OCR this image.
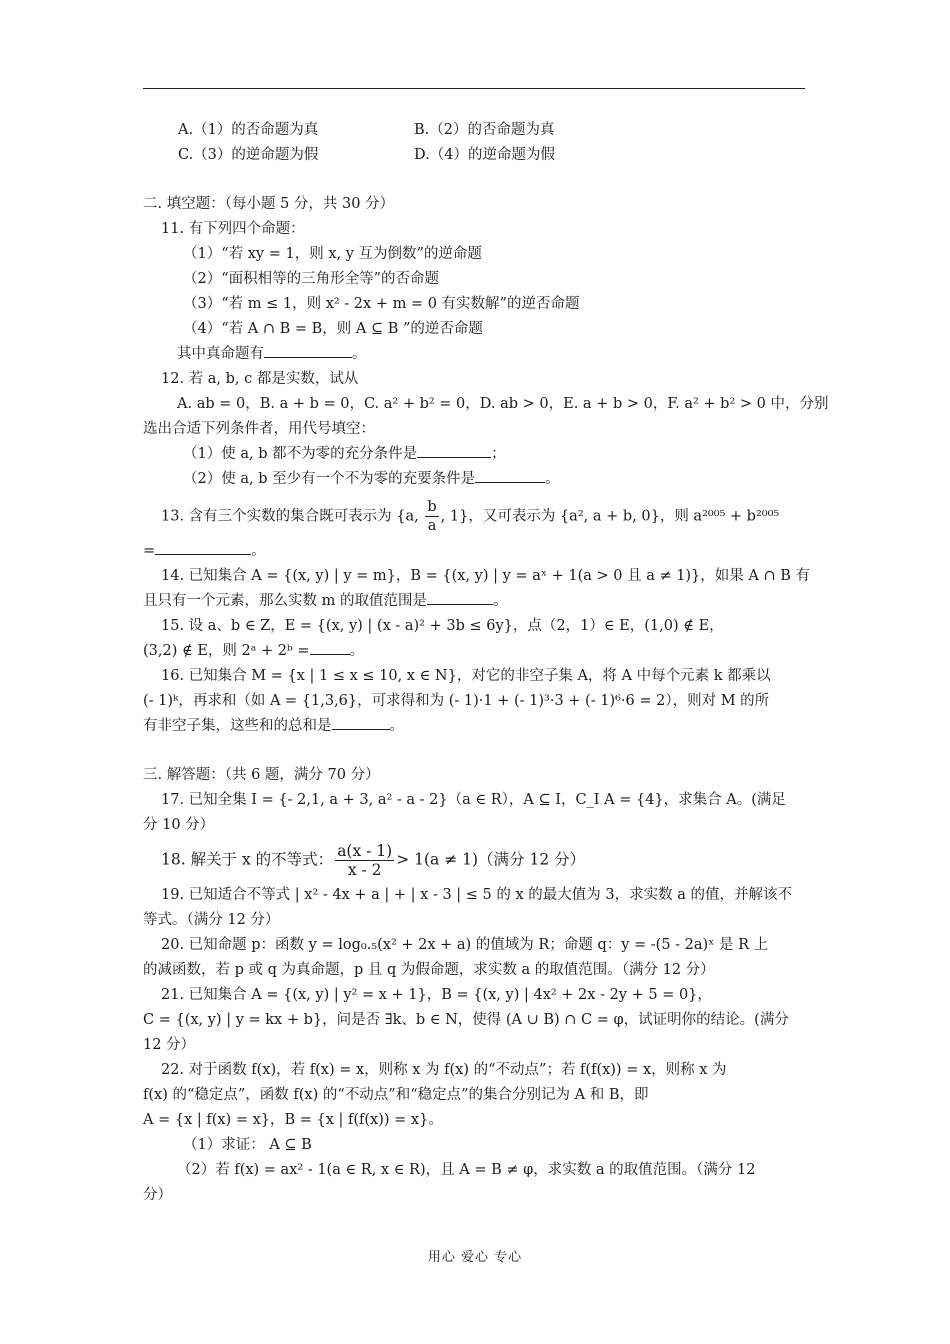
A.（1）的否命题为真	B.（2）的否命题为真
C.（3）的逆命题为假	D.（4）的逆命题为假
二. 填空题：（每小题 5 分，共 30 分）
11. 有下列四个命题：
（1）“若 xy = 1，则 x, y 互为倒数”的逆命题
（2）“面积相等的三角形全等”的否命题
（3）“若 m ≤ 1，则 x² - 2x + m = 0 有实数解”的逆否命题
（4）“若 A ∩ B = B，则 A ⊆ B ”的逆否命题
其中真命题有	。
12. 若 a, b, c 都是实数，试从
A. ab = 0，B. a + b = 0，C. a² + b² = 0，D. ab > 0，E. a + b > 0，F. a² + b² > 0 中，分别
选出合适下列条件者，用代号填空：
（1）使 a, b 都不为零的充分条件是	；
（2）使 a, b 至少有一个不为零的充要条件是	。
13. 含有三个实数的集合既可表示为 {a, $\frac{b}{a}$ , 1}，又可表示为 {a², a + b, 0}，则 a²⁰⁰⁵ + b²⁰⁰⁵
=	。
14. 已知集合 A = {(x, y) | y = m}，B = {(x, y) | y = aˣ + 1(a > 0 且 a ≠ 1)}，如果 A ∩ B 有
且只有一个元素，那么实数 m 的取值范围是	。
15. 设 a、b ∈ Z，E = {(x, y) | (x - a)² + 3b ≤ 6y}，点（2，1）∈ E，(1,0) ∉ E，
(3,2) ∉ E，则 2ᵃ + 2ᵇ =	。
16. 已知集合 M = {x | 1 ≤ x ≤ 10, x ∈ N}，对它的非空子集 A，将 A 中每个元素 k 都乘以
(- 1)ᵏ，再求和（如 A = {1,3,6}，可求得和为 (- 1)·1 + (- 1)³·3 + (- 1)⁶·6 = 2），则对 M 的所
有非空子集，这些和的总和是	。
三. 解答题：（共 6 题，满分 70 分）
17. 已知全集 I = {- 2,1, a + 3, a² - a - 2}（a ∈ R），A ⊆ I，C_I A = {4}，求集合 A。(满足
分 10 分）
18. 解关于 x 的不等式： $\frac{a(x - 1)}{x - 2} > 1(a \ne 1)$（满分 12 分）
19. 已知适合不等式 | x² - 4x + a | + | x - 3 | ≤ 5 的 x 的最大值为 3，求实数 a 的值，并解该不
等式。（满分 12 分）
20. 已知命题 p：函数 y = log₀.₅(x² + 2x + a) 的值域为 R；命题 q：y = -(5 - 2a)ˣ 是 R 上
的减函数，若 p 或 q 为真命题，p 且 q 为假命题，求实数 a 的取值范围。（满分 12 分）
21. 已知集合 A = {(x, y) | y² = x + 1}，B = {(x, y) | 4x² + 2x - 2y + 5 = 0}，
C = {(x, y) | y = kx + b}，问是否 ∃k、b ∈ N，使得 (A ∪ B) ∩ C = φ，试证明你的结论。(满分
12 分）
22. 对于函数 f(x)，若 f(x) = x，则称 x 为 f(x) 的“不动点”；若 f(f(x)) = x，则称 x 为
f(x) 的“稳定点”，函数 f(x) 的“不动点”和“稳定点”的集合分别记为 A 和 B，即
A = {x | f(x) = x}，B = {x | f(f(x)) = x}。
（1）求证： A ⊆ B
（2）若 f(x) = ax² - 1(a ∈ R, x ∈ R)，且 A = B ≠ φ，求实数 a 的取值范围。（满分 12
分）
用心 爱心 专心
